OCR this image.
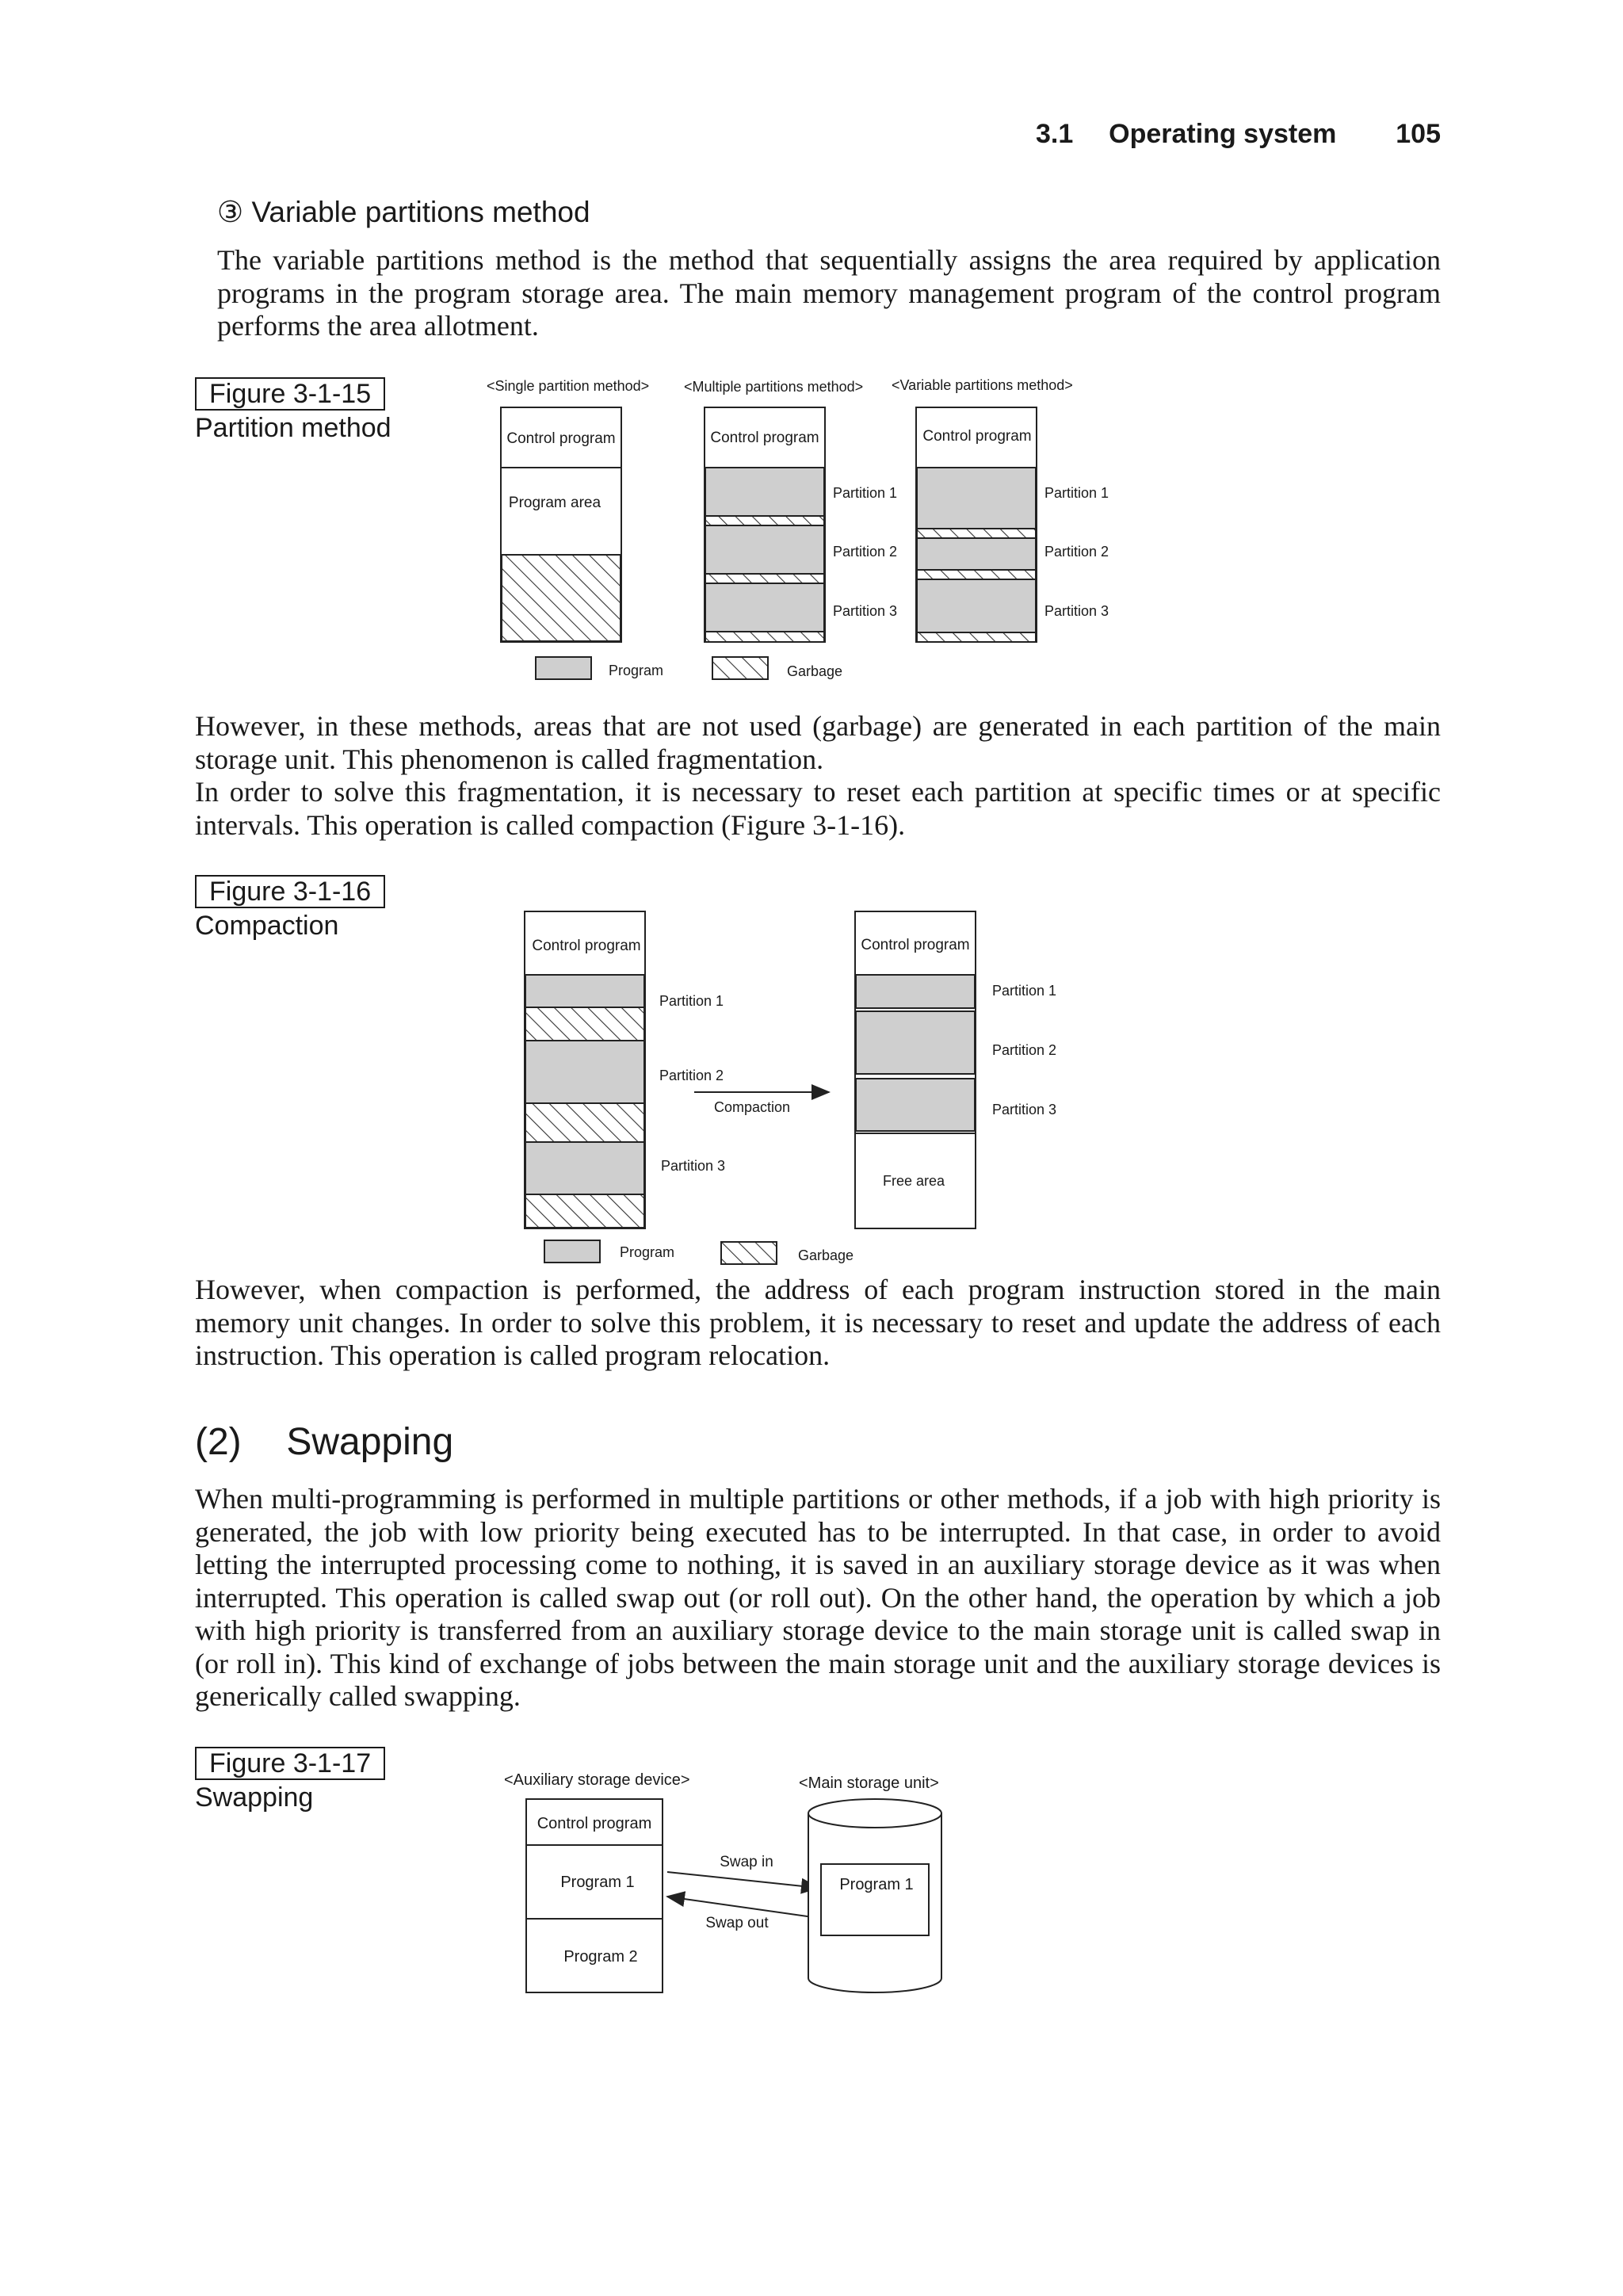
3.1 Operating system 105
③ Variable partitions method
The variable partitions method is the method that sequentially assigns the area required by application programs in the program storage area. The main memory management program of the control program performs the area allotment.
Figure 3-1-15
Partition method
<Single partition method> <Multiple partitions method> <Variable partitions method>
Control program
Program area
Control program
Partition 1
Partition 2
Partition 3
Control program
Partition 1
Partition 2
Partition 3
Program	Garbage
However, in these methods, areas that are not used (garbage) are generated in each partition of the main storage unit. This phenomenon is called fragmentation.
In order to solve this fragmentation, it is necessary to reset each partition at specific times or at specific intervals. This operation is called compaction (Figure 3-1-16).
Figure 3-1-16
Compaction
Control program
Partition 1
Partition 2
Partition 3
Compaction
Control program
Partition 1
Partition 2
Partition 3
Free area
Program	Garbage
However, when compaction is performed, the address of each program instruction stored in the main memory unit changes. In order to solve this problem, it is necessary to reset and update the address of each instruction. This operation is called program relocation.
(2) Swapping
When multi-programming is performed in multiple partitions or other methods, if a job with high priority is generated, the job with low priority being executed has to be interrupted. In that case, in order to avoid letting the interrupted processing come to nothing, it is saved in an auxiliary storage device as it was when interrupted. This operation is called swap out (or roll out). On the other hand, the operation by which a job with high priority is transferred from an auxiliary storage device to the main storage unit is called swap in (or roll in). This kind of exchange of jobs between the main storage unit and the auxiliary storage devices is generically called swapping.
Figure 3-1-17
Swapping
<Auxiliary storage device>	<Main storage unit>
Control program
Program 1
Program 2
Swap in
Swap out
Program 1
